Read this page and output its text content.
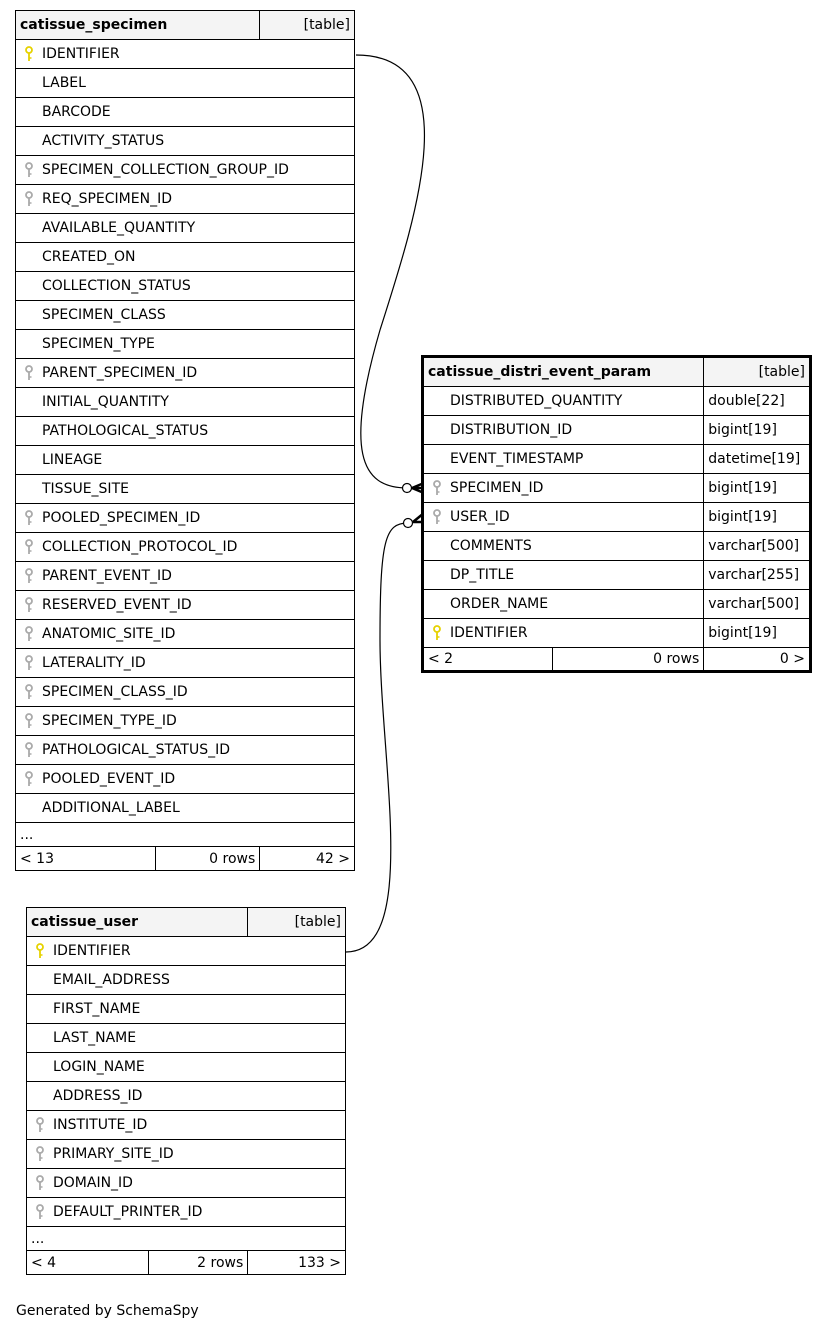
catissue_specimen		[table]

IDENTIFIER		
LABEL		
BARCODE		
ACTIVITY_STATUS		

SPECIMEN_COLLECTION_GROUP_ID		

REQ_SPECIMEN_ID		
AVAILABLE_QUANTITY		
CREATED_ON		
COLLECTION_STATUS		
SPECIMEN_CLASS		
SPECIMEN_TYPE		

PARENT_SPECIMEN_ID		
INITIAL_QUANTITY		
PATHOLOGICAL_STATUS		
LINEAGE		
TISSUE_SITE		

POOLED_SPECIMEN_ID		

COLLECTION_PROTOCOL_ID		

PARENT_EVENT_ID		

RESERVED_EVENT_ID		

ANATOMIC_SITE_ID		

LATERALITY_ID		

SPECIMEN_CLASS_ID		

SPECIMEN_TYPE_ID		

PATHOLOGICAL_STATUS_ID		

POOLED_EVENT_ID		
ADDITIONAL_LABEL		
...		
< 13	0 rows	42 >
catissue_distri_event_param		[table]
DISTRIBUTED_QUANTITY		double[22]
DISTRIBUTION_ID		bigint[19]
EVENT_TIMESTAMP		datetime[19]

SPECIMEN_ID		bigint[19]

USER_ID		bigint[19]
COMMENTS		varchar[500]
DP_TITLE		varchar[255]
ORDER_NAME		varchar[500]

IDENTIFIER		bigint[19]
< 2	0 rows	0 >
catissue_user		[table]

IDENTIFIER		
EMAIL_ADDRESS		
FIRST_NAME		
LAST_NAME		
LOGIN_NAME		
ADDRESS_ID		

INSTITUTE_ID		

PRIMARY_SITE_ID		

DOMAIN_ID		

DEFAULT_PRINTER_ID		
...		
< 4	2 rows	133 >
Generated by SchemaSpy
